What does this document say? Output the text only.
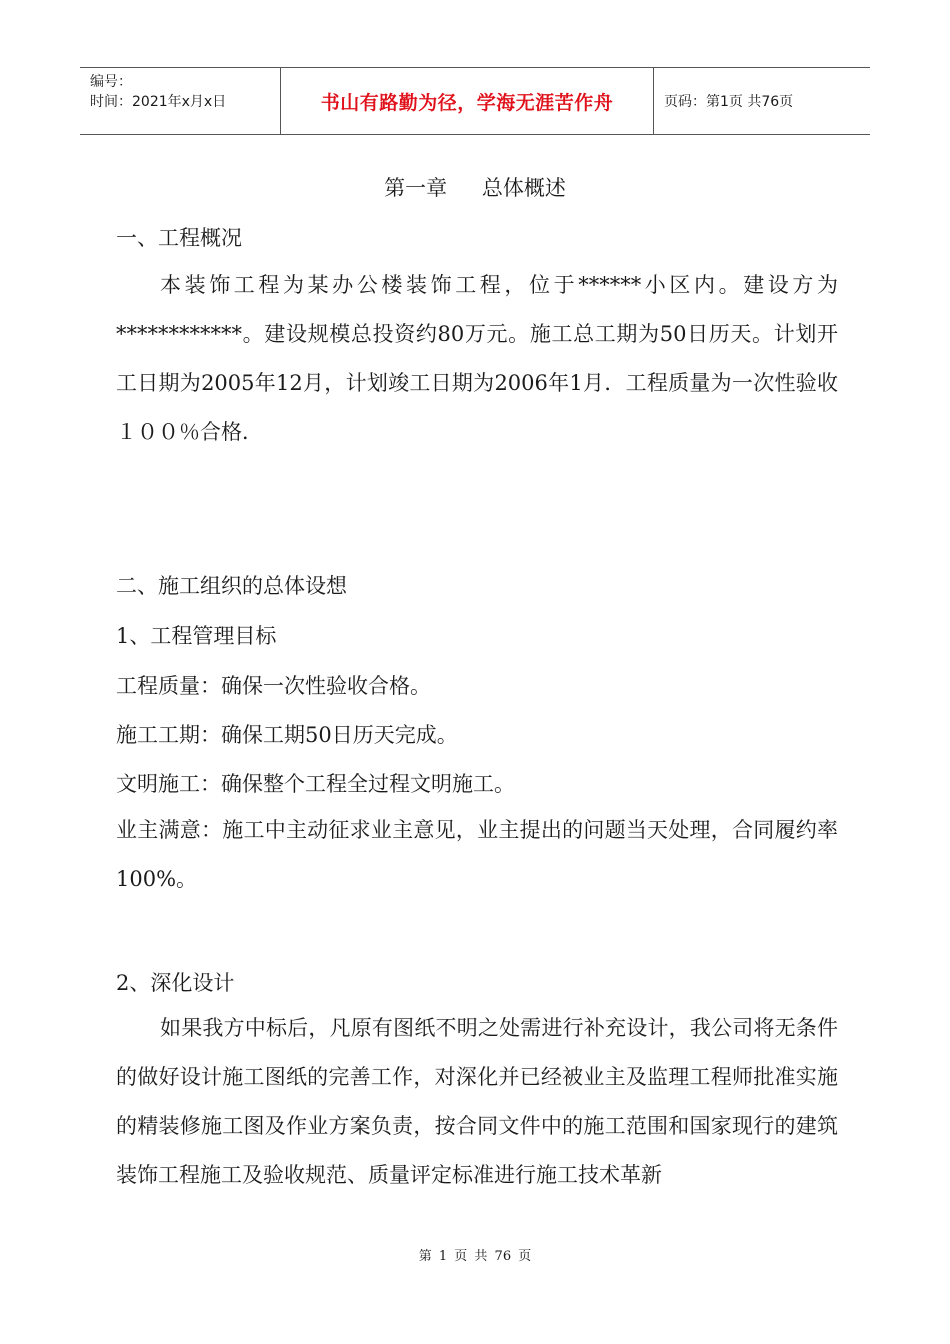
编号：
时间：2021年x月x日	书山有路勤为径，学海无涯苦作舟	页码：第1页 共76页
第一章 总体概述
一、工程概况
本装饰工程为某办公楼装饰工程，位于******小区内。建设方为************。建设规模总投资约80万元。施工总工期为50日历天。计划开工日期为2005年12月，计划竣工日期为2006年1月．工程质量为一次性验收１００％合格．
二、施工组织的总体设想
1、工程管理目标
工程质量：确保一次性验收合格。
施工工期：确保工期50日历天完成。
文明施工：确保整个工程全过程文明施工。
业主满意：施工中主动征求业主意见，业主提出的问题当天处理，合同履约率100%。
2、深化设计
如果我方中标后，凡原有图纸不明之处需进行补充设计，我公司将无条件的做好设计施工图纸的完善工作，对深化并已经被业主及监理工程师批准实施的精装修施工图及作业方案负责，按合同文件中的施工范围和国家现行的建筑装饰工程施工及验收规范、质量评定标准进行施工技术革新
第 1 页 共 76 页
